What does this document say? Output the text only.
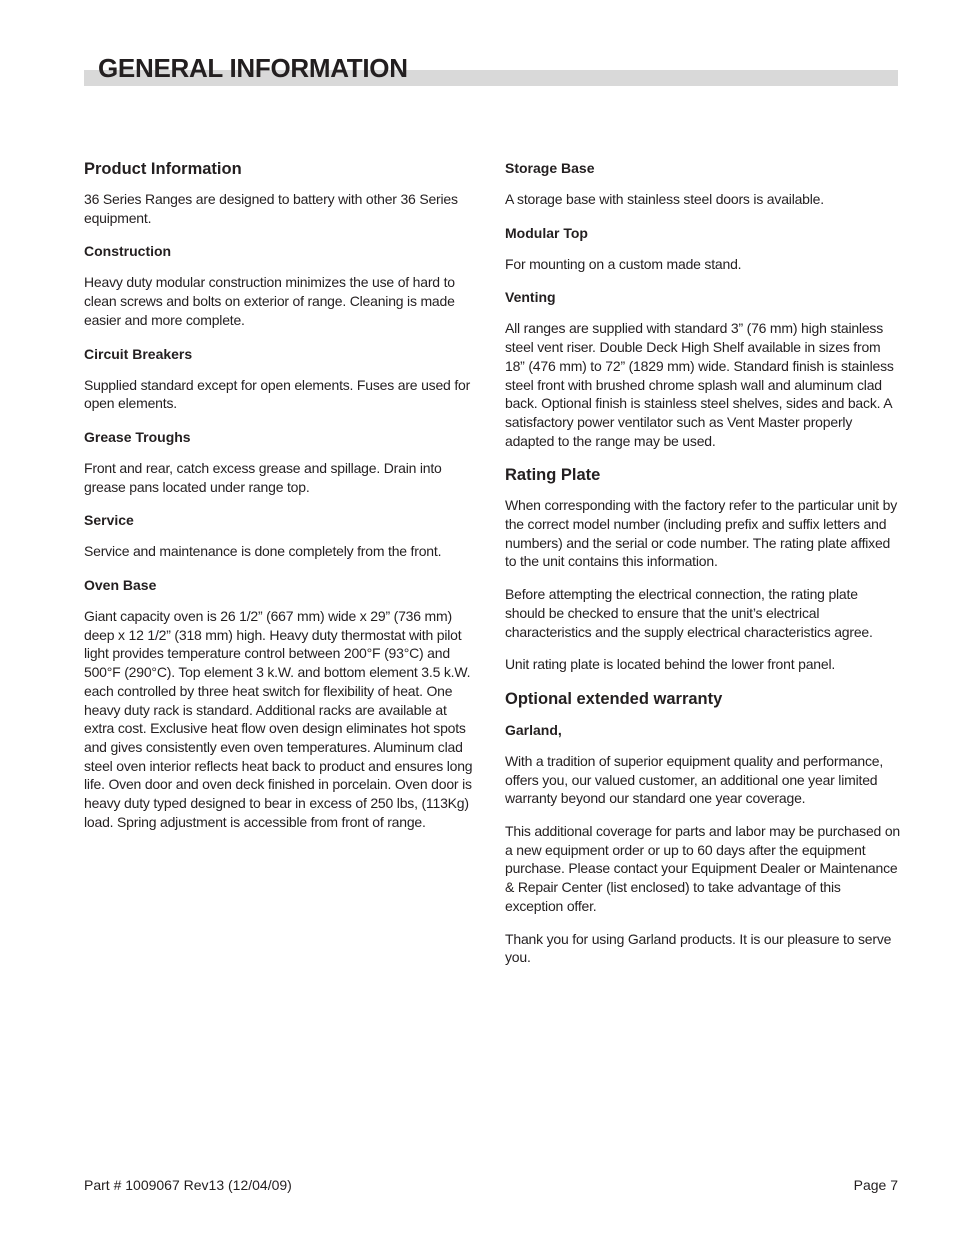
GENERAL INFORMATION
Product Information

36 Series Ranges are designed to battery with other 36 Series equipment.

Construction

Heavy duty modular construction minimizes the use of hard to clean screws and bolts on exterior of range. Cleaning is made easier and more complete.

Circuit Breakers

Supplied standard except for open elements. Fuses are used for open elements.

Grease Troughs

Front and rear, catch excess grease and spillage. Drain into grease pans located under range top.

Service

Service and maintenance is done completely from the front.

Oven Base

Giant capacity oven is 26 1/2” (667 mm) wide x 29” (736 mm) deep x 12 1/2” (318 mm) high. Heavy duty thermostat with pilot light provides temperature control between 200°F (93°C) and 500°F (290°C). Top element 3 k.W. and bottom element 3.5 k.W. each controlled by three heat switch for flexibility of heat. One heavy duty rack is standard. Additional racks are available at extra cost. Exclusive heat flow oven design eliminates hot spots and gives consistently even oven temperatures. Aluminum clad steel oven interior reflects heat back to product and ensures long life. Oven door and oven deck finished in porcelain. Oven door is heavy duty typed designed to bear in excess of 250 lbs, (113Kg) load. Spring adjustment is accessible from front of range.

Storage Base

A storage base with stainless steel doors is available.

Modular Top

For mounting on a custom made stand.

Venting

All ranges are supplied with standard 3” (76 mm) high stainless steel vent riser. Double Deck High Shelf available in sizes from 18” (476 mm) to 72” (1829 mm) wide. Standard finish is stainless steel front with brushed chrome splash wall and aluminum clad back. Optional finish is stainless steel shelves, sides and back. A satisfactory power ventilator such as Vent Master properly adapted to the range may be used.

Rating Plate

When corresponding with the factory refer to the particular unit by the correct model number (including prefix and suffix letters and numbers) and the serial or code number. The rating plate affixed to the unit contains this information.

Before attempting the electrical connection, the rating plate should be checked to ensure that the unit’s electrical characteristics and the supply electrical characteristics agree.

Unit rating plate is located behind the lower front panel.

Optional extended warranty
Garland,

With a tradition of superior equipment quality and performance, offers you, our valued customer, an additional one year limited warranty beyond our standard one year coverage.

This additional coverage for parts and labor may be purchased on a new equipment order or up to 60 days after the equipment purchase. Please contact your Equipment Dealer or Maintenance & Repair Center (list enclosed) to take advantage of this exception offer.

Thank you for using Garland products. It is our pleasure to serve you.

Part # 1009067 Rev13 (12/04/09)	Page 7
